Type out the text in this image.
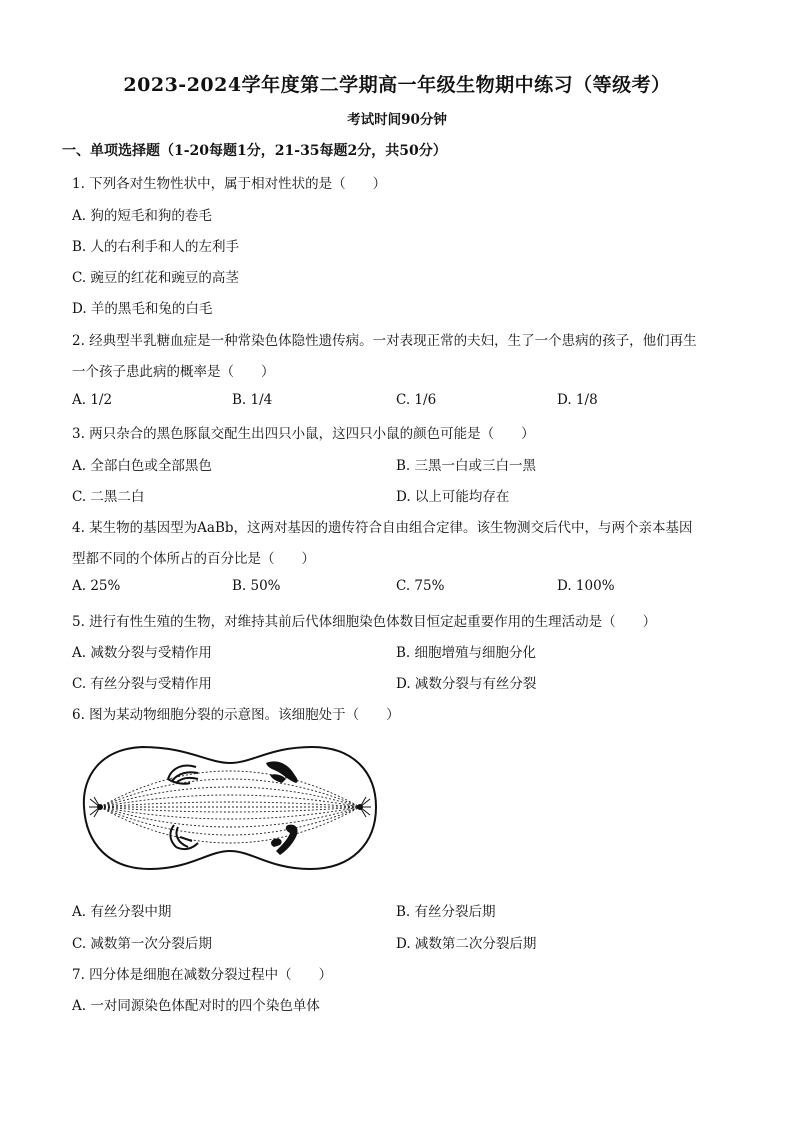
2023-2024学年度第二学期高一年级生物期中练习（等级考）
考试时间90分钟
一、单项选择题（1-20每题1分，21-35每题2分，共50分）
1. 下列各对生物性状中，属于相对性状的是（　　）
A. 狗的短毛和狗的卷毛
B. 人的右利手和人的左利手
C. 豌豆的红花和豌豆的高茎
D. 羊的黑毛和兔的白毛
2. 经典型半乳糖血症是一种常染色体隐性遗传病。一对表现正常的夫妇，生了一个患病的孩子，他们再生
一个孩子患此病的概率是（　　）
A. 1/2	B. 1/4	C. 1/6	D. 1/8
3. 两只杂合的黑色豚鼠交配生出四只小鼠，这四只小鼠的颜色可能是（　　）
A. 全部白色或全部黑色	B. 三黑一白或三白一黑
C. 二黑二白	D. 以上可能均存在
4. 某生物的基因型为AaBb，这两对基因的遗传符合自由组合定律。该生物测交后代中，与两个亲本基因
型都不同的个体所占的百分比是（　　）
A. 25%	B. 50%	C. 75%	D. 100%
5. 进行有性生殖的生物，对维持其前后代体细胞染色体数目恒定起重要作用的生理活动是（　　）
A. 减数分裂与受精作用	B. 细胞增殖与细胞分化
C. 有丝分裂与受精作用	D. 减数分裂与有丝分裂
6. 图为某动物细胞分裂的示意图。该细胞处于（　　）
A. 有丝分裂中期	B. 有丝分裂后期
C. 减数第一次分裂后期	D. 减数第二次分裂后期
7. 四分体是细胞在减数分裂过程中（　　）
A. 一对同源染色体配对时的四个染色单体
